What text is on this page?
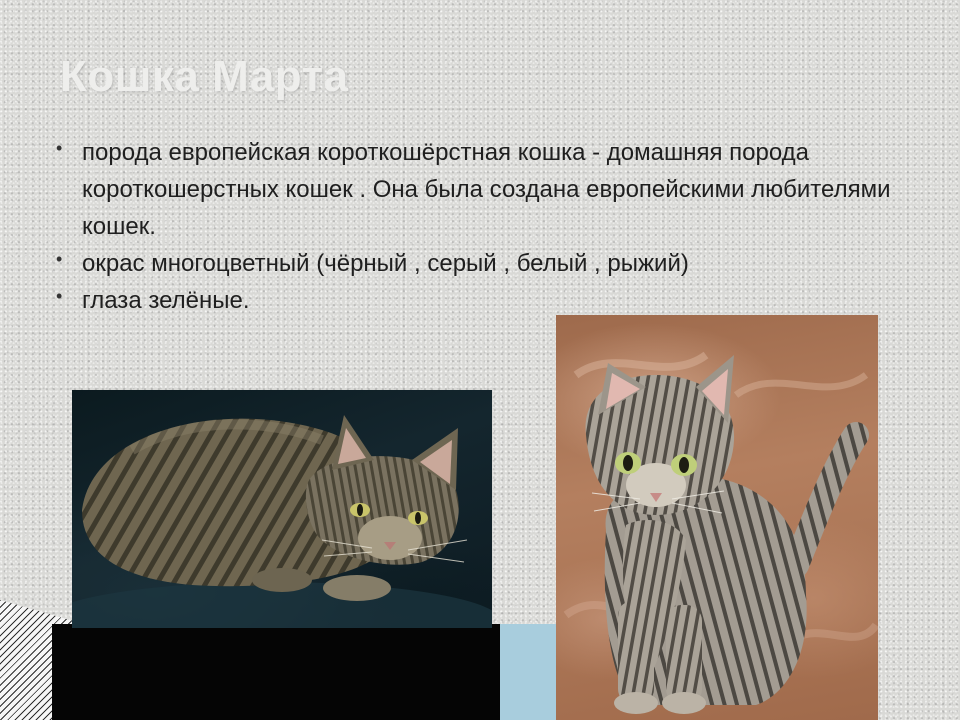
Кошка Марта
• порода европейская короткошёрстная кошка - домашняя порода короткошерстных кошек . Она была создана европейскими любителями кошек.
• окрас многоцветный (чёрный , серый , белый , рыжий)
• глаза зелёные.
